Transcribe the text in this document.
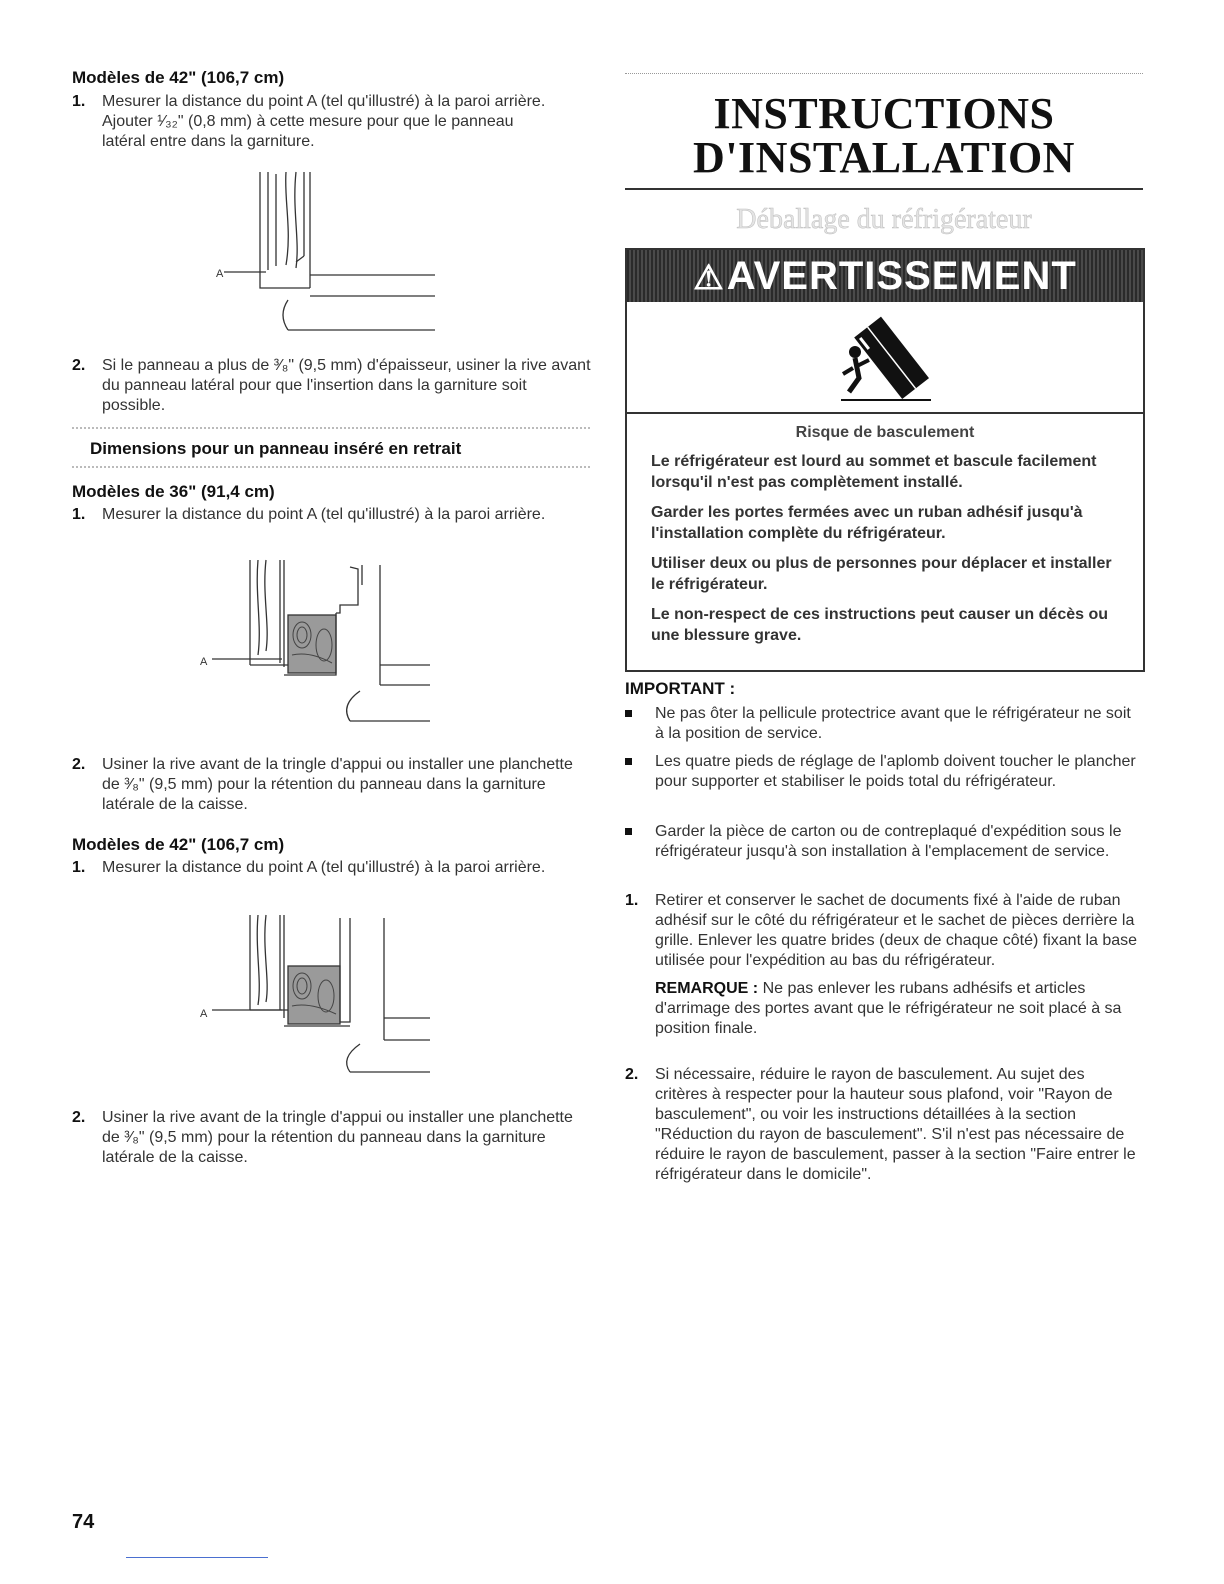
Modèles de 42" (106,7 cm)
1. Mesurer la distance du point A (tel qu'illustré) à la paroi arrière. Ajouter ¹⁄₃₂" (0,8 mm) à cette mesure pour que le panneau latéral entre dans la garniture.
A
2. Si le panneau a plus de ³⁄₈" (9,5 mm) d'épaisseur, usiner la rive avant du panneau latéral pour que l'insertion dans la garniture soit possible.
Dimensions pour un panneau inséré en retrait
Modèles de 36" (91,4 cm)
1. Mesurer la distance du point A (tel qu'illustré) à la paroi arrière.
A
2. Usiner la rive avant de la tringle d'appui ou installer une planchette de ³⁄₈" (9,5 mm) pour la rétention du panneau dans la garniture latérale de la caisse.
Modèles de 42" (106,7 cm)
1. Mesurer la distance du point A (tel qu'illustré) à la paroi arrière.
A
2. Usiner la rive avant de la tringle d'appui ou installer une planchette de ³⁄₈" (9,5 mm) pour la rétention du panneau dans la garniture latérale de la caisse.
INSTRUCTIONS
D'INSTALLATION
Déballage du réfrigérateur
⚠AVERTISSEMENT
Risque de basculement
Le réfrigérateur est lourd au sommet et bascule facilement lorsqu'il n'est pas complètement installé.
Garder les portes fermées avec un ruban adhésif jusqu'à l'installation complète du réfrigérateur.
Utiliser deux ou plus de personnes pour déplacer et installer le réfrigérateur.
Le non-respect de ces instructions peut causer un décès ou une blessure grave.
IMPORTANT :
Ne pas ôter la pellicule protectrice avant que le réfrigérateur ne soit à la position de service.
Les quatre pieds de réglage de l'aplomb doivent toucher le plancher pour supporter et stabiliser le poids total du réfrigérateur.
Garder la pièce de carton ou de contreplaqué d'expédition sous le réfrigérateur jusqu'à son installation à l'emplacement de service.
1. Retirer et conserver le sachet de documents fixé à l'aide de ruban adhésif sur le côté du réfrigérateur et le sachet de pièces derrière la grille. Enlever les quatre brides (deux de chaque côté) fixant la base utilisée pour l'expédition au bas du réfrigérateur.
REMARQUE : Ne pas enlever les rubans adhésifs et articles d'arrimage des portes avant que le réfrigérateur ne soit placé à sa position finale.
2. Si nécessaire, réduire le rayon de basculement. Au sujet des critères à respecter pour la hauteur sous plafond, voir "Rayon de basculement", ou voir les instructions détaillées à la section "Réduction du rayon de basculement". S'il n'est pas nécessaire de réduire le rayon de basculement, passer à la section "Faire entrer le réfrigérateur dans le domicile".
74
